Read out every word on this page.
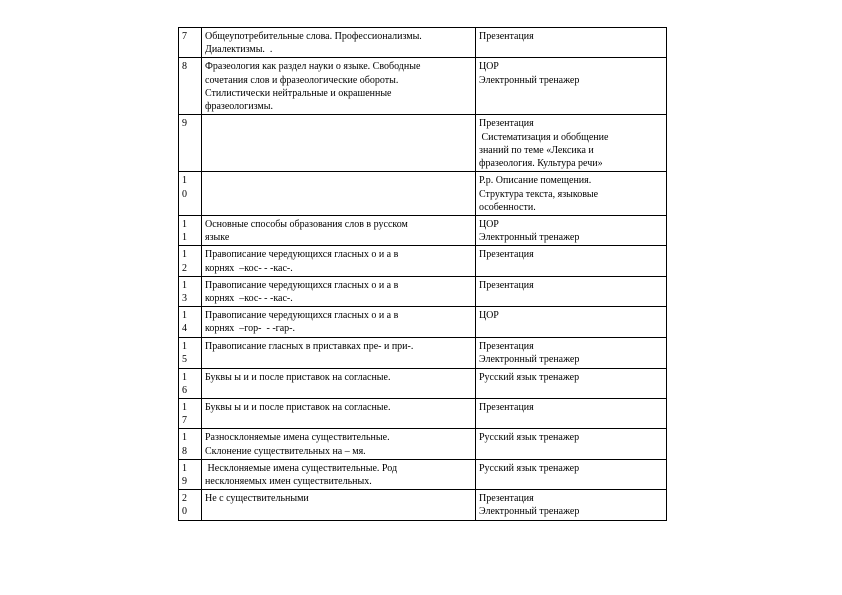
7	Общеупотребительные слова. Профессионализмы.
Диалектизмы.  .	Презентация

8	Фразеология как раздел науки о языке. Свободные
сочетания слов и фразеологические обороты.
Стилистически нейтральные и окрашенные
фразеологизмы.	ЦОР
Электронный тренажер

9		Презентация
Систематизация и обобщение
знаний по теме «Лексика и
фразеология. Культура речи»

1
0		Р.р. Описание помещения.
Структура текста, языковые
особенности.

1
1	Основные способы образования слов в русском
языке	ЦОР
Электронный тренажер

1
2	Правописание чередующихся гласных о и а в
корнях  –кос- - -кас-.	Презентация

1
3	Правописание чередующихся гласных о и а в
корнях  –кос- - -кас-.	Презентация

1
4	Правописание чередующихся гласных о и а в
корнях  –гор-  - -гар-.	ЦОР

1
5	Правописание гласных в приставках пре- и при-.	Презентация
Электронный тренажер

1
6	Буквы ы и и после приставок на согласные.	Русский язык тренажер

1
7	Буквы ы и и после приставок на согласные.	Презентация

1
8	Разносклоняемые имена существительные.
Склонение существительных на – мя.	Русский язык тренажер

1
9	Несклоняемые имена существительные. Род
несклоняемых имен существительных.	Русский язык тренажер

2
0	Не с существительными	Презентация
Электронный тренажер
